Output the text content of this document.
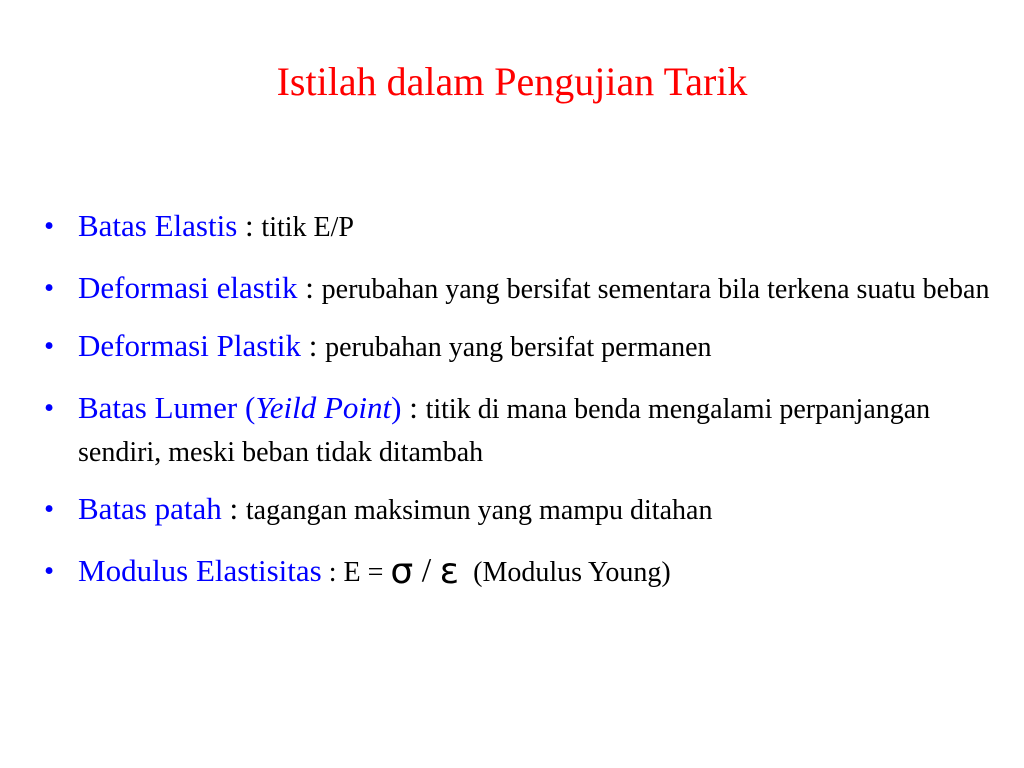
Istilah dalam Pengujian Tarik
• Batas Elastis : titik E/P
• Deformasi elastik : perubahan yang bersifat sementara bila terkena suatu beban
• Deformasi Plastik : perubahan yang bersifat permanen
• Batas Lumer (Yeild Point) : titik di mana benda mengalami perpanjangan sendiri, meski beban tidak ditambah
• Batas patah : tagangan maksimun yang mampu ditahan
• Modulus Elastisitas : E = σ / ε  (Modulus Young)
